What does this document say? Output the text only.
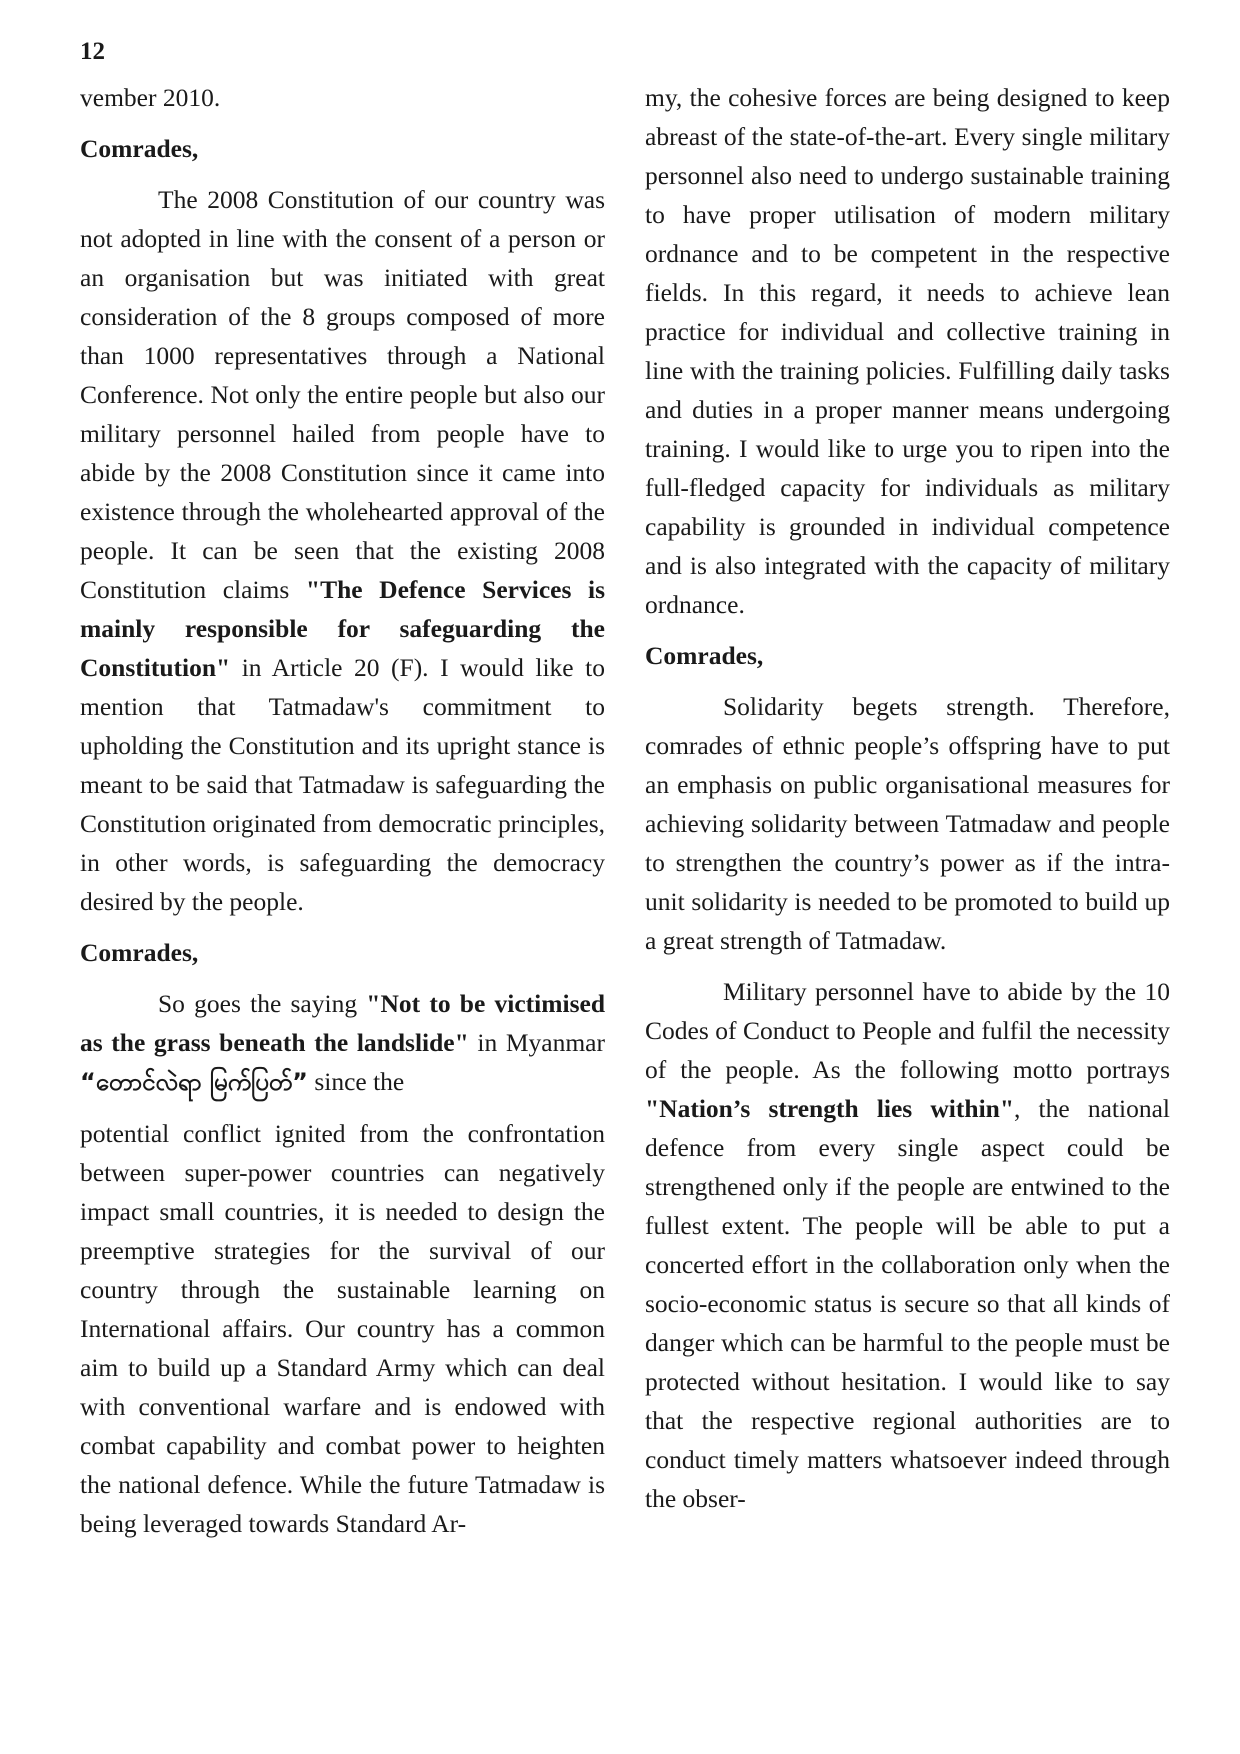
12

vember 2010.

Comrades,

The 2008 Constitution of our country was not adopted in line with the consent of a person or an organisation but was initiated with great consideration of the 8 groups composed of more than 1000 representatives through a National Conference. Not only the entire people but also our military personnel hailed from people have to abide by the 2008 Constitution since it came into existence through the wholehearted approval of the people. It can be seen that the existing 2008 Constitution claims "The Defence Services is mainly responsible for safeguarding the Constitution" in Article 20 (F). I would like to mention that Tatmadaw's commitment to upholding the Constitution and its upright stance is meant to be said that Tatmadaw is safeguarding the Constitution originated from democratic principles, in other words, is safeguarding the democracy desired by the people.

Comrades,

So goes the saying "Not to be victimised as the grass beneath the landslide" in Myanmar “တောင်လဲရာ မြက်ပြတ်” since the

potential conflict ignited from the confrontation between super-power countries can negatively impact small countries, it is needed to design the preemptive strategies for the survival of our country through the sustainable learning on International affairs. Our country has a common aim to build up a Standard Army which can deal with conventional warfare and is endowed with combat capability and combat power to heighten the national defence. While the future Tatmadaw is being leveraged towards Standard Ar-

my, the cohesive forces are being designed to keep abreast of the state-of-the-art. Every single military personnel also need to undergo sustainable training to have proper utilisation of modern military ordnance and to be competent in the respective fields. In this regard, it needs to achieve lean practice for individual and collective training in line with the training policies. Fulfilling daily tasks and duties in a proper manner means undergoing training. I would like to urge you to ripen into the full-fledged capacity for individuals as military capability is grounded in individual competence and is also integrated with the capacity of military ordnance.

Comrades,

Solidarity begets strength. Therefore, comrades of ethnic people’s offspring have to put an emphasis on public organisational measures for achieving solidarity between Tatmadaw and people to strengthen the country’s power as if the intra-unit solidarity is needed to be promoted to build up a great strength of Tatmadaw.

Military personnel have to abide by the 10 Codes of Conduct to People and fulfil the necessity of the people. As the following motto portrays "Nation’s strength lies within", the national defence from every single aspect could be strengthened only if the people are entwined to the fullest extent. The people will be able to put a concerted effort in the collaboration only when the socio-economic status is secure so that all kinds of danger which can be harmful to the people must be protected without hesitation. I would like to say that the respective regional authorities are to conduct timely matters whatsoever indeed through the obser-
